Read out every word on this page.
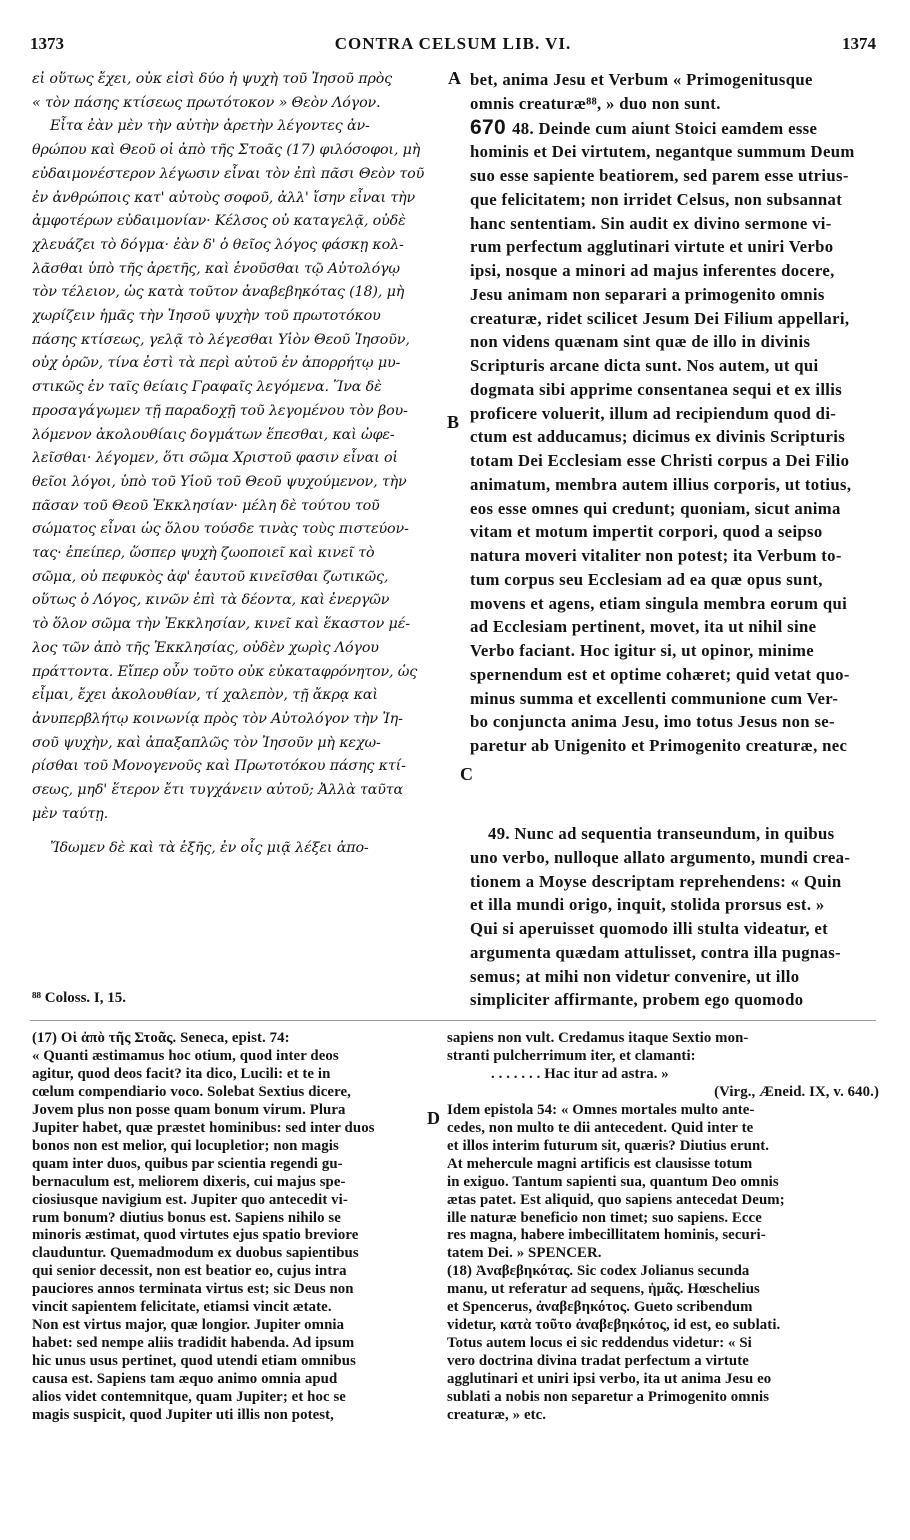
1373	CONTRA CELSUM LIB. VI.	1374
εἰ οὕτως ἔχει, οὐκ εἰσὶ δύο ἡ ψυχὴ τοῦ Ἰησοῦ πρὸς
« τὸν πάσης κτίσεως πρωτότοκον » Θεὸν Λόγον.
Εἶτα ἐὰν μὲν τὴν αὐτὴν ἀρετὴν λέγοντες ἀν-
θρώπου καὶ Θεοῦ οἱ ἀπὸ τῆς Στοᾶς (17) φιλόσοφοι, μὴ
εὐδαιμονέστερον λέγωσιν εἶναι τὸν ἐπὶ πᾶσι Θεὸν τοῦ
ἐν ἀνθρώποις κατ' αὐτοὺς σοφοῦ, ἀλλ' ἴσην εἶναι τὴν
ἀμφοτέρων εὐδαιμονίαν· Κέλσος οὐ καταγελᾷ, οὐδὲ
χλευάζει τὸ δόγμα· ἐὰν δ' ὁ θεῖος λόγος φάσκῃ κολ-
λᾶσθαι ὑπὸ τῆς ἀρετῆς, καὶ ἑνοῦσθαι τῷ Αὐτολόγῳ
τὸν τέλειον, ὡς κατὰ τοῦτον ἀναβεβηκότας (18), μὴ
χωρίζειν ἡμᾶς τὴν Ἰησοῦ ψυχὴν τοῦ πρωτοτόκου
πάσης κτίσεως, γελᾷ τὸ λέγεσθαι Υἱὸν Θεοῦ Ἰησοῦν,
οὐχ ὁρῶν, τίνα ἐστὶ τὰ περὶ αὐτοῦ ἐν ἀπορρήτῳ μυ-
στικῶς ἐν ταῖς θείαις Γραφαῖς λεγόμενα. Ἵνα δὲ
προσαγάγωμεν τῇ παραδοχῇ τοῦ λεγομένου τὸν βου-
λόμενον ἀκολουθίαις δογμάτων ἕπεσθαι, καὶ ὠφε-
λεῖσθαι· λέγομεν, ὅτι σῶμα Χριστοῦ φασιν εἶναι οἱ
θεῖοι λόγοι, ὑπὸ τοῦ Υἱοῦ τοῦ Θεοῦ ψυχούμενον, τὴν
πᾶσαν τοῦ Θεοῦ Ἐκκλησίαν· μέλη δὲ τούτου τοῦ
σώματος εἶναι ὡς ὅλου τούσδε τινὰς τοὺς πιστεύον-
τας· ἐπείπερ, ὥσπερ ψυχὴ ζωοποιεῖ καὶ κινεῖ τὸ
σῶμα, οὐ πεφυκὸς ἀφ' ἑαυτοῦ κινεῖσθαι ζωτικῶς,
οὕτως ὁ Λόγος, κινῶν ἐπὶ τὰ δέοντα, καὶ ἐνεργῶν
τὸ ὅλον σῶμα τὴν Ἐκκλησίαν, κινεῖ καὶ ἕκαστον μέ-
λος τῶν ἀπὸ τῆς Ἐκκλησίας, οὐδὲν χωρὶς Λόγου
πράττοντα. Εἴπερ οὖν τοῦτο οὐκ εὐκαταφρόνητον, ὡς
εἶμαι, ἔχει ἀκολουθίαν, τί χαλεπὸν, τῇ ἄκρᾳ καὶ
ἀνυπερβλήτῳ κοινωνίᾳ πρὸς τὸν Αὐτολόγον τὴν Ἰη-
σοῦ ψυχὴν, καὶ ἀπαξαπλῶς τὸν Ἰησοῦν μὴ κεχω-
ρίσθαι τοῦ Μονογενοῦς καὶ Πρωτοτόκου πάσης κτί-
σεως, μηδ' ἕτερον ἔτι τυγχάνειν αὐτοῦ; Ἀλλὰ ταῦτα
μὲν ταύτῃ.
Ἴδωμεν δὲ καὶ τὰ ἑξῆς, ἐν οἷς μιᾷ λέξει ἀπο-
A
B
C
D
bet, anima Jesu et Verbum « Primogenitusque
omnis creaturæ⁸⁸, » duo non sunt.
670 48. Deinde cum aiunt Stoici eamdem esse
hominis et Dei virtutem, negantque summum Deum
suo esse sapiente beatiorem, sed parem esse utrius-
que felicitatem; non irridet Celsus, non subsannat
hanc sententiam. Sin audit ex divino sermone vi-
rum perfectum agglutinari virtute et uniri Verbo
ipsi, nosque a minori ad majus inferentes docere,
Jesu animam non separari a primogenito omnis
creaturæ, ridet scilicet Jesum Dei Filium appellari,
non videns quænam sint quæ de illo in divinis
Scripturis arcane dicta sunt. Nos autem, ut qui
dogmata sibi apprime consentanea sequi et ex illis
proficere voluerit, illum ad recipiendum quod di-
ctum est adducamus; dicimus ex divinis Scripturis
totam Dei Ecclesiam esse Christi corpus a Dei Filio
animatum, membra autem illius corporis, ut totius,
eos esse omnes qui credunt; quoniam, sicut anima
vitam et motum impertit corpori, quod a seipso
natura moveri vitaliter non potest; ita Verbum to-
tum corpus seu Ecclesiam ad ea quæ opus sunt,
movens et agens, etiam singula membra eorum qui
ad Ecclesiam pertinent, movet, ita ut nihil sine
Verbo faciant. Hoc igitur si, ut opinor, minime
spernendum est et optime cohæret; quid vetat quo-
minus summa et excellenti communione cum Ver-
bo conjuncta anima Jesu, imo totus Jesus non se-
paretur ab Unigenito et Primogenito creaturæ, nec
49. Nunc ad sequentia transeundum, in quibus
uno verbo, nulloque allato argumento, mundi crea-
tionem a Moyse descriptam reprehendens: « Quin
et illa mundi origo, inquit, stolida prorsus est. »
Qui si aperuisset quomodo illi stulta videatur, et
argumenta quædam attulisset, contra illa pugnas-
semus; at mihi non videtur convenire, ut illo
simpliciter affirmante, probem ego quomodo
⁸⁸ Coloss. I, 15.
(17) Οἱ ἀπὸ τῆς Στοᾶς. Seneca, epist. 74:
« Quanti æstimamus hoc otium, quod inter deos
agitur, quod deos facit? ita dico, Lucili: et te in
cœlum compendiario voco. Solebat Sextius dicere,
Jovem plus non posse quam bonum virum. Plura
Jupiter habet, quæ præstet hominibus: sed inter duos
bonos non est melior, qui locupletior; non magis
quam inter duos, quibus par scientia regendi gu-
bernaculum est, meliorem dixeris, cui majus spe-
ciosiusque navigium est. Jupiter quo antecedit vi-
rum bonum? diutius bonus est. Sapiens nihilo se
minoris æstimat, quod virtutes ejus spatio breviore
clauduntur. Quemadmodum ex duobus sapientibus
qui senior decessit, non est beatior eo, cujus intra
pauciores annos terminata virtus est; sic Deus non
vincit sapientem felicitate, etiamsi vincit ætate.
Non est virtus major, quæ longior. Jupiter omnia
habet: sed nempe aliis tradidit habenda. Ad ipsum
hic unus usus pertinet, quod utendi etiam omnibus
causa est. Sapiens tam æquo animo omnia apud
alios videt contemnitque, quam Jupiter; et hoc se
magis suspicit, quod Jupiter uti illis non potest,
sapiens non vult. Credamus itaque Sextio mon-
stranti pulcherrimum iter, et clamanti:
. . . . . . . Hac itur ad astra. »
(Virg., Æneid. IX, v. 640.)
Idem epistola 54: « Omnes mortales multo ante-
cedes, non multo te dii antecedent. Quid inter te
et illos interim futurum sit, quæris? Diutius erunt.
At mehercule magni artificis est clausisse totum
in exiguo. Tantum sapienti sua, quantum Deo omnis
ætas patet. Est aliquid, quo sapiens antecedat Deum;
ille naturæ beneficio non timet; suo sapiens. Ecce
res magna, habere imbecillitatem hominis, securi-
tatem Dei. » SPENCER.
(18) Ἀναβεβηκότας. Sic codex Jolianus secunda
manu, ut referatur ad sequens, ἡμᾶς. Hœschelius
et Spencerus, ἀναβεβηκότος. Gueto scribendum
videtur, κατὰ τοῦτο ἀναβεβηκότος, id est, eo sublati.
Totus autem locus ei sic reddendus videtur: « Si
vero doctrina divina tradat perfectum a virtute
agglutinari et uniri ipsi verbo, ita ut anima Jesu eo
sublati a nobis non separetur a Primogenito omnis
creaturæ, » etc.
